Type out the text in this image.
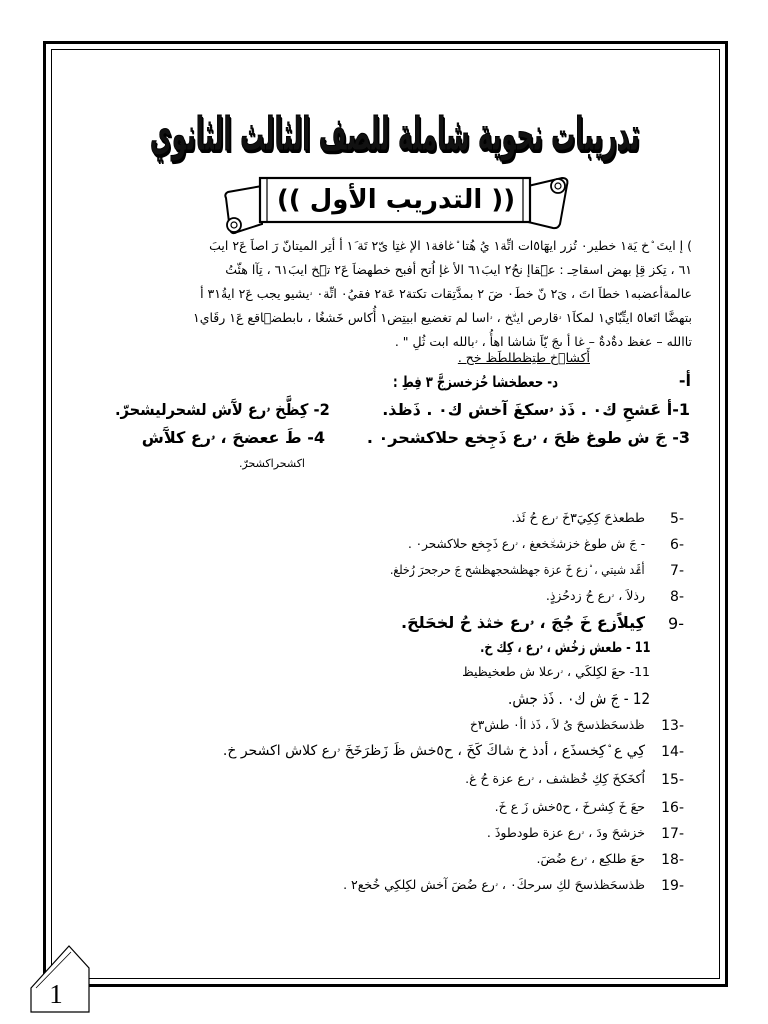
تدريبات نحوية شاملة للصف الثالث الثانوي
(( التدريب الأول ))
) إ ايتَ ۨخ يَة١ خطير٠ تُزر ايهٓا٥ات اتِّة١ يُ هُتا ۨغافة١ الإ غتِا ىّ٢ تَة ١َ أ أتِر الميتانّ رَ اصاَ عَ٢ ايبَ
٦١ ، تِكز قِإ بهض اسقاحِـ : عَۨقاإ نحُ٢ ايبَ٦١ الأ غإ اُتح أفبح خطهضاَ عَ٢ تَۨخ ايبَ٦١ ، تِآا هئّتُ
عالمةأعضبه١ خطاَ اتَ ، ىَ٢ نّ خطَ٠ ضَ ٢ بمدَّتِقات تكتة٢ عَة٢ فقيُ٠ اتِّة٠ ۥيشيو يجب عَ٢ ايةُ٣١ أ
بتهضَّا اتَعا٥ ايتِّبّاي١ لمكاَ١ ۥقارص ايتَۨخ ، ۥاسا لم تغضيع ابيتِض١ أُكاس خَشغُا ، ىابطضۨاقع عَ١ رقَاي١
تاالله – عغظ دةٌدةٌ – غا أ ىجَ يّاَ شاشا اهأُ ، ۥبالله ابت ثُلِ " .
أَكشاۨخ طتِظطلطَظ خح .
أ-
د- حعطخشا حُزخسزجَّ ٣ فِطِ :
1-أ عَشحِ ك٠ . ذَذ ۥسكغَ آخش ك٠ . ذَظذ.
2- كِظَّخ ۥرع لآَش لشحرليشحرّ.
3- جَ ش طوغ ظحَ ، ۥرع ذَجِخع حلاكشحر٠ .
4- طَ ععضحَ ، ۥرع كلآَش
اكشحراكشحرّ.
5-
ططعذحَ كِكِيَ٣خَ ۥرع حُ ئَذ.
6-
- جَ ش طوغ خزشحَۨخعغ ، ۥرع ذَجِخع حلاكشحر٠ .
7-
أعَۨد شيتي ، ۨزع خَ عزة جهظشحجهظشح جَ حرجحرَ رُخلغ.
8-
رذلاَ ، ۥرع حُ زدحُزذٍِ.
9-
كِيلاًزع خَ جُجَ ، ۥرع خثذ حُ لخحَلحَ.
11 - طعش زخُش ، ۥرع ، كِك خ.
11- حعَ لكِلكَي ، ۥرعلا ش طعخيظيظ
12 - جَ ش ك٠ . ذَذ جش.
13-
ظذسحَظذسحَ ىُ لاَ ، ذَذ اأ٠ طش٣خ
14-
كِي ع ۨكِخسذَع ، أدذ خ شاكَ كَخَ ، ح٥خش ظَ زَظرَخَخَ ۥرع كلاش اكشحر خ.
15-
اُكخَكخَ كِكِ خُظشف ، ۥرع عزة حُ غ.
16-
حعَ خَ كِشرخَ ، ح٥خش زَ ع خَ.
17-
خزشحَ ودَ ، ۥرع عزة طودطوذَ .
18-
حعَ طلكِع ، ۥرع ضُضَ.
19-
ظذسحَظذسحَ لكِ سرحكَ٠ ، ۥرع ضُضَ آخش لكِلكِي خُخع٢ .
1
